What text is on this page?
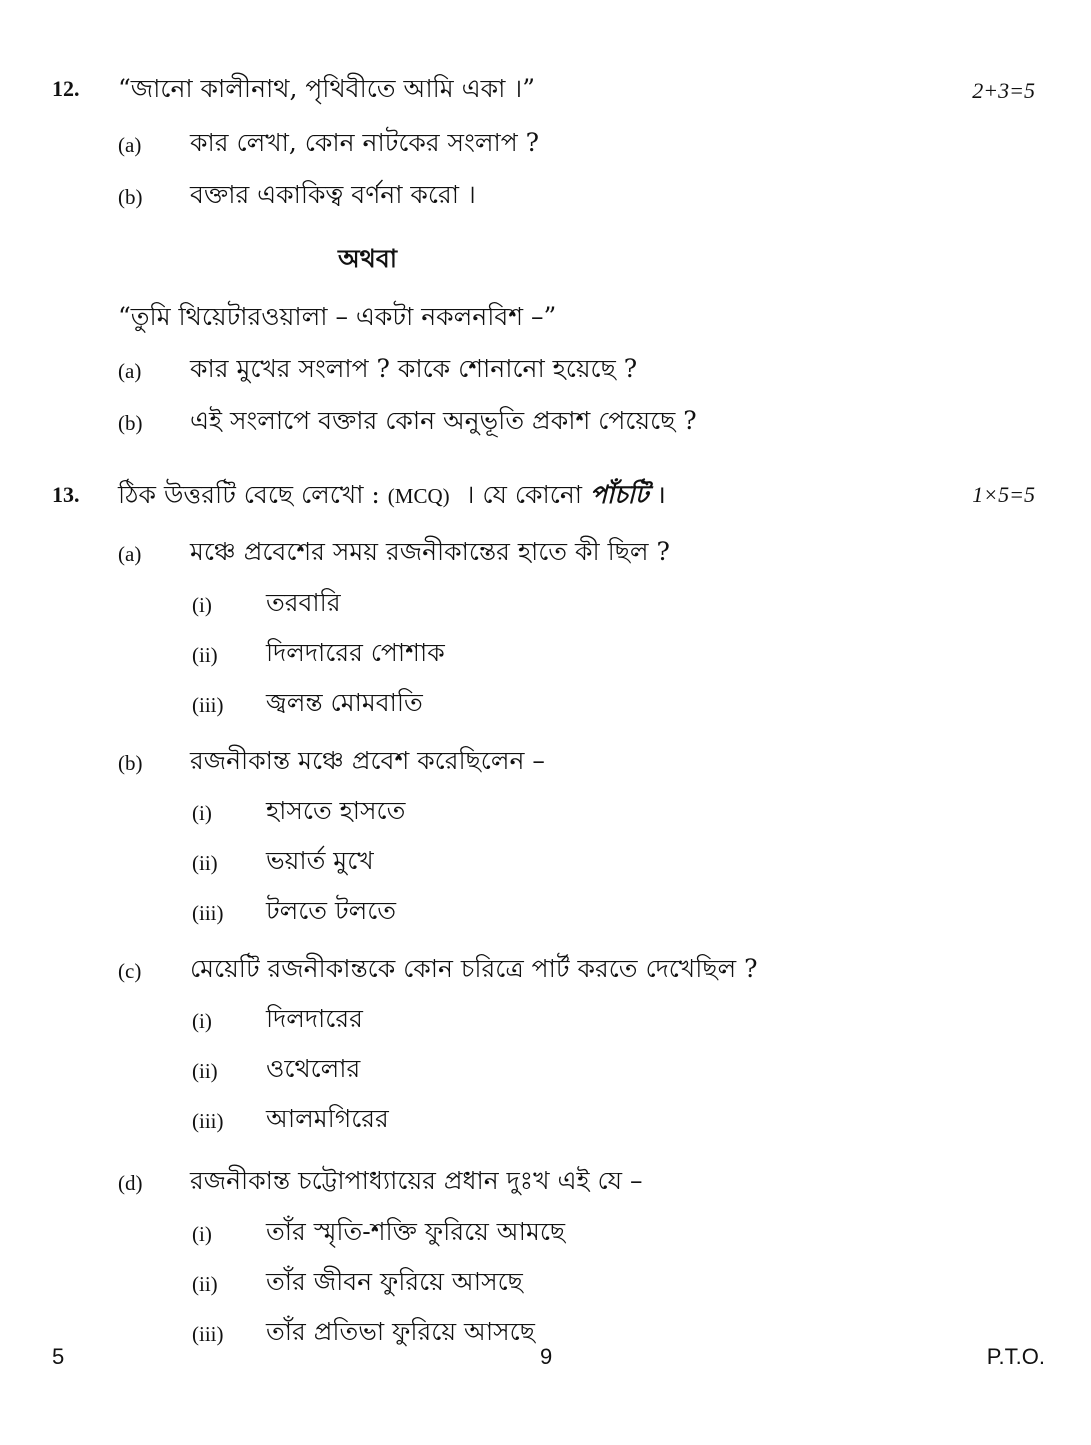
12. “জানো কালীনাথ, পৃথিবীতে আমি একা ।”	2+3=5
(a) কার লেখা, কোন নাটকের সংলাপ ?
(b) বক্তার একাকিত্ব বর্ণনা করো ।
অথবা
“তুমি থিয়েটারওয়ালা – একটা নকলনবিশ –”
(a) কার মুখের সংলাপ ? কাকে শোনানো হয়েছে ?
(b) এই সংলাপে বক্তার কোন অনুভূতি প্রকাশ পেয়েছে ?
13. ঠিক উত্তরটি বেছে লেখো : (MCQ)  । যে কোনো পাঁচটি ।	1×5=5
(a) মঞ্চে প্রবেশের সময় রজনীকান্তের হাতে কী ছিল ?
(i) তরবারি
(ii) দিলদারের পোশাক
(iii) জ্বলন্ত মোমবাতি
(b) রজনীকান্ত মঞ্চে প্রবেশ করেছিলেন –
(i) হাসতে হাসতে
(ii) ভয়ার্ত মুখে
(iii) টলতে টলতে
(c) মেয়েটি রজনীকান্তকে কোন চরিত্রে পার্ট করতে দেখেছিল ?
(i) দিলদারের
(ii) ওথেলোর
(iii) আলমগিরের
(d) রজনীকান্ত চট্টোপাধ্যায়ের প্রধান দুঃখ এই যে –
(i) তাঁর স্মৃতি-শক্তি ফুরিয়ে আমছে
(ii) তাঁর জীবন ফুরিয়ে আসছে
(iii) তাঁর প্রতিভা ফুরিয়ে আসছে
5	9	P.T.O.
